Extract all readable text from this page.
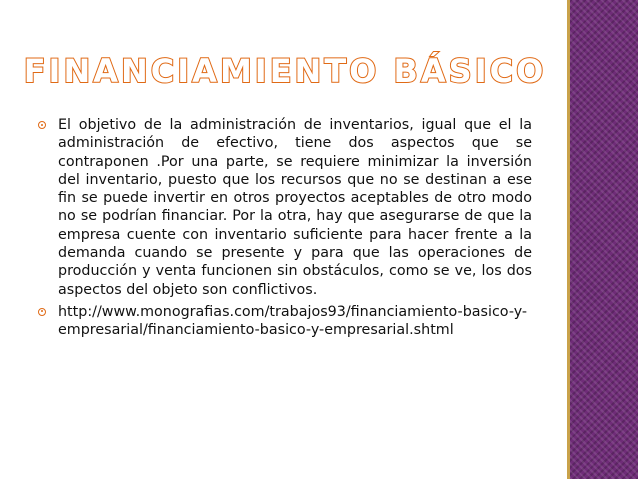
FINANCIAMIENTO BÁSICO
El objetivo de la administración de inventarios, igual que el la administración de efectivo, tiene dos aspectos que se contraponen .Por una parte, se requiere minimizar la inversión del inventario, puesto que los recursos que no se destinan a ese fin se puede invertir en otros proyectos aceptables de otro modo no se podrían financiar. Por la otra, hay que asegurarse de que la empresa cuente con inventario suficiente para hacer frente a la demanda cuando se presente y para que las operaciones de producción y venta funcionen sin obstáculos, como se ve, los dos aspectos del objeto son conflictivos.
http://www.monografias.com/trabajos93/financiamiento-basico-y-empresarial/financiamiento-basico-y-empresarial.shtml
